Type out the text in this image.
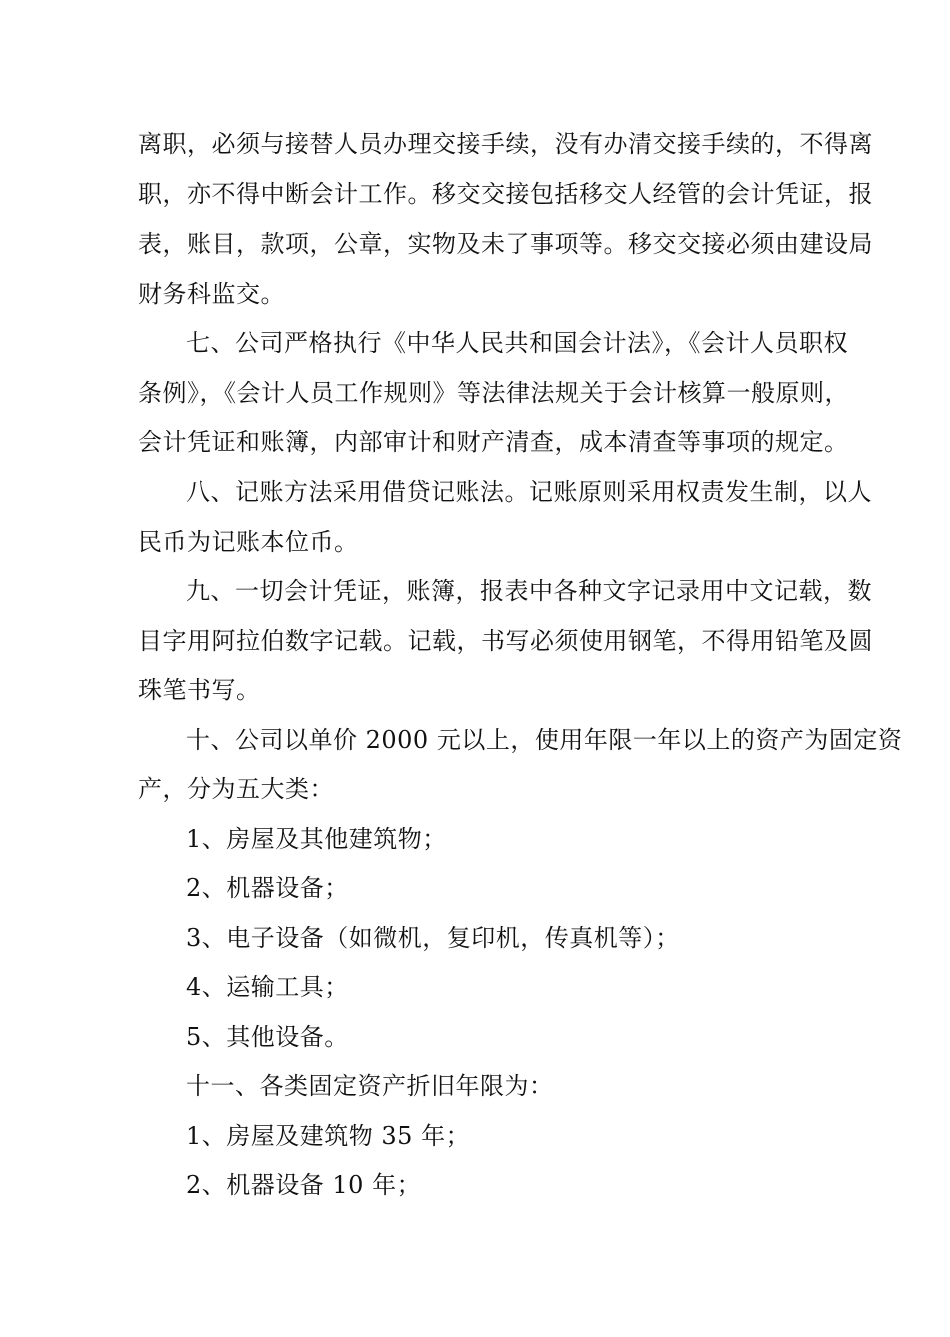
离职，必须与接替人员办理交接手续，没有办清交接手续的，不得离
职，亦不得中断会计工作。移交交接包括移交人经管的会计凭证，报
表，账目，款项，公章，实物及未了事项等。移交交接必须由建设局
财务科监交。
七、公司严格执行《中华人民共和国会计法》，《会计人员职权
条例》，《会计人员工作规则》等法律法规关于会计核算一般原则，
会计凭证和账簿，内部审计和财产清查，成本清查等事项的规定。
八、记账方法采用借贷记账法。记账原则采用权责发生制，以人
民币为记账本位币。
九、一切会计凭证，账簿，报表中各种文字记录用中文记载，数
目字用阿拉伯数字记载。记载，书写必须使用钢笔，不得用铅笔及圆
珠笔书写。
十、公司以单价 2000 元以上，使用年限一年以上的资产为固定资
产，分为五大类：
1、房屋及其他建筑物；
2、机器设备；
3、电子设备（如微机，复印机，传真机等）；
4、运输工具；
5、其他设备。
十一、各类固定资产折旧年限为：
1、房屋及建筑物 35 年；
2、机器设备 10 年；
